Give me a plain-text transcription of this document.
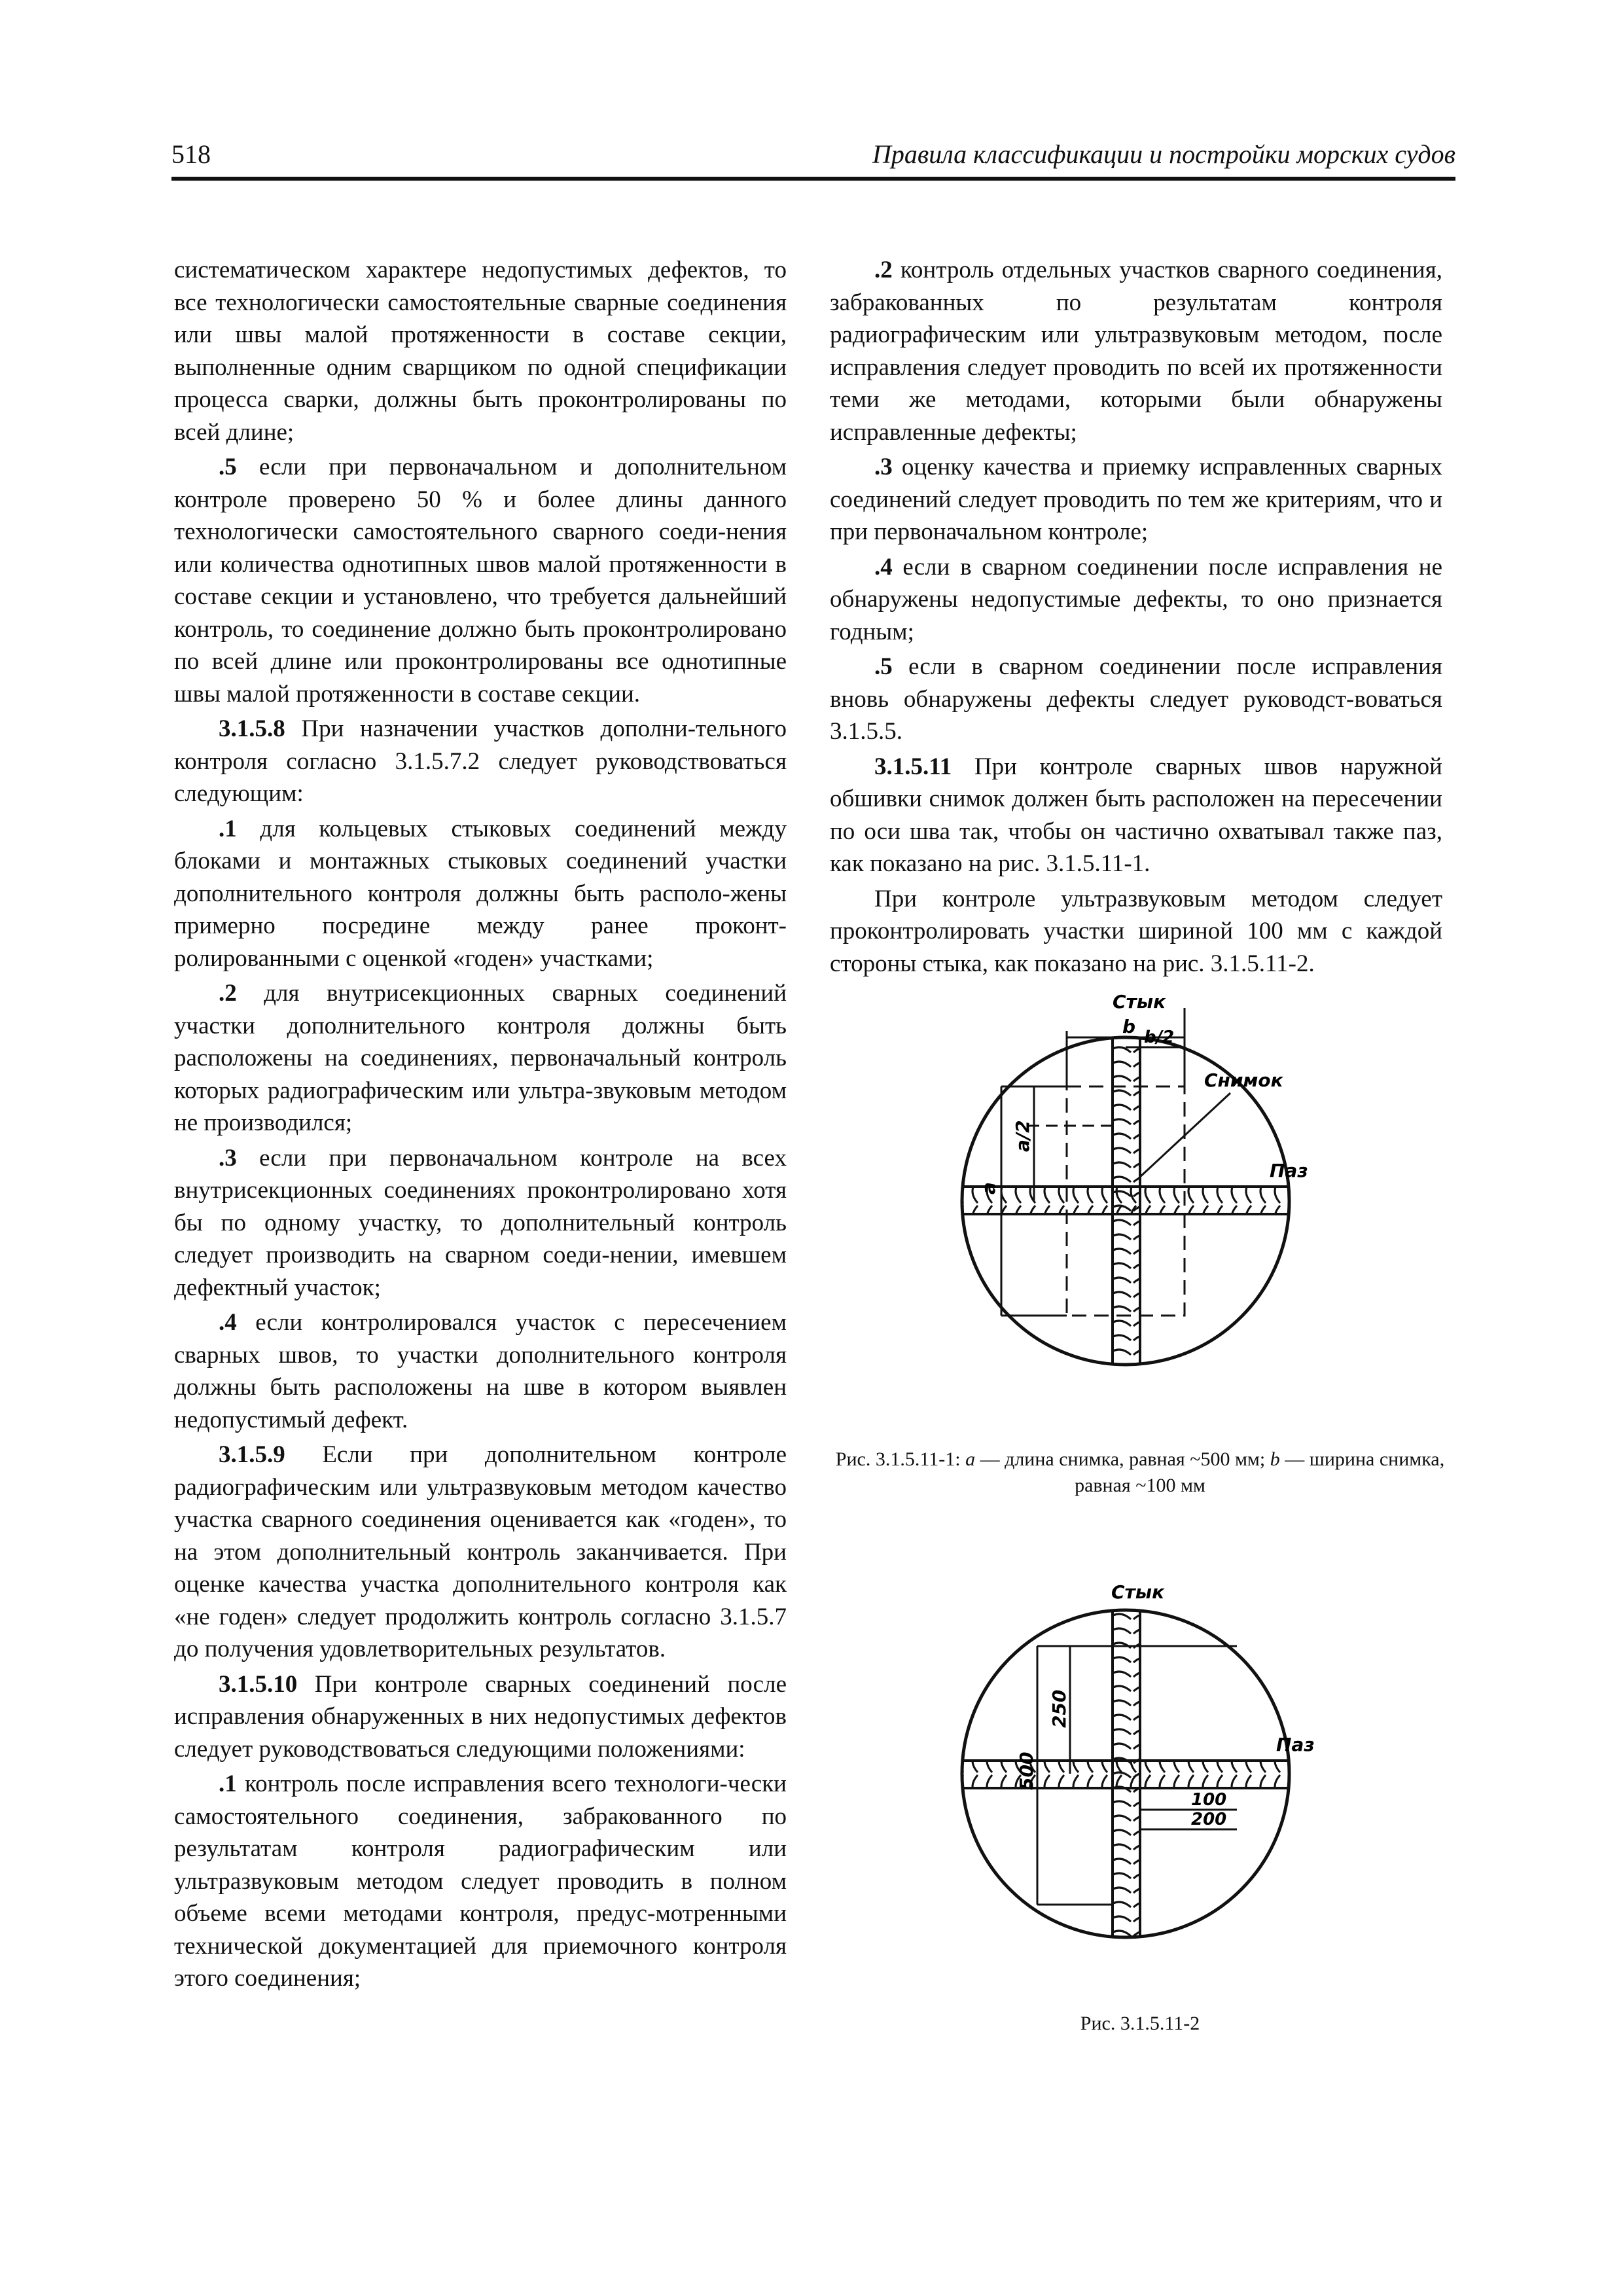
518	Правила классификации и постройки морских судов

систематическом характере недопустимых дефектов, то все технологически самостоятельные сварные соединения или швы малой протяженности в составе секции, выполненные одним сварщиком по одной спецификации процесса сварки, должны быть проконтролированы по всей длине;

.5 если при первоначальном и дополнительном контроле проверено 50 % и более длины данного технологически самостоятельного сварного соеди-нения или количества однотипных швов малой протяженности в составе секции и установлено, что требуется дальнейший контроль, то соединение должно быть проконтролировано по всей длине или проконтролированы все однотипные швы малой протяженности в составе секции.

3.1.5.8 При назначении участков дополни-тельного контроля согласно 3.1.5.7.2 следует руководствоваться следующим:

.1 для кольцевых стыковых соединений между блоками и монтажных стыковых соединений участки дополнительного контроля должны быть располо-жены примерно посредине между ранее проконт-ролированными с оценкой «годен» участками;

.2 для внутрисекционных сварных соединений участки дополнительного контроля должны быть расположены на соединениях, первоначальный контроль которых радиографическим или ультра-звуковым методом не производился;

.3 если при первоначальном контроле на всех внутрисекционных соединениях проконтролировано хотя бы по одному участку, то дополнительный контроль следует производить на сварном соеди-нении, имевшем дефектный участок;

.4 если контролировался участок с пересечением сварных швов, то участки дополнительного контроля должны быть расположены на шве в котором выявлен недопустимый дефект.

3.1.5.9 Если при дополнительном контроле радиографическим или ультразвуковым методом качество участка сварного соединения оценивается как «годен», то на этом дополнительный контроль заканчивается. При оценке качества участка дополнительного контроля как «не годен» следует продолжить контроль согласно 3.1.5.7 до получения удовлетворительных результатов.

3.1.5.10 При контроле сварных соединений после исправления обнаруженных в них недопустимых дефектов следует руководствоваться следующими положениями:

.1 контроль после исправления всего технологи-чески самостоятельного соединения, забракованного по результатам контроля радиографическим или ультразвуковым методом следует проводить в полном объеме всеми методами контроля, предус-мотренными технической документацией для приемочного контроля этого соединения;

.2 контроль отдельных участков сварного соединения, забракованных по результатам контроля радиографическим или ультразвуковым методом, после исправления следует проводить по всей их протяженности теми же методами, которыми были обнаружены исправленные дефекты;

.3 оценку качества и приемку исправленных сварных соединений следует проводить по тем же критериям, что и при первоначальном контроле;

.4 если в сварном соединении после исправления не обнаружены недопустимые дефекты, то оно признается годным;

.5 если в сварном соединении после исправления вновь обнаружены дефекты следует руководст-воваться 3.1.5.5.

3.1.5.11 При контроле сварных швов наружной обшивки снимок должен быть расположен на пересечении по оси шва так, чтобы он частично охватывал также паз, как показано на рис. 3.1.5.11-1.

При контроле ультразвуковым методом следует проконтролировать участки шириной 100 мм с каждой стороны стыка, как показано на рис. 3.1.5.11-2.

Стык
b b/2
Снимок
Паз
a
a/2
Рис. 3.1.5.11-1: a — длина снимка, равная ~500 мм; b — ширина снимка, равная ~100 мм
Стык
Паз
500
250
100
200
Рис. 3.1.5.11-2
